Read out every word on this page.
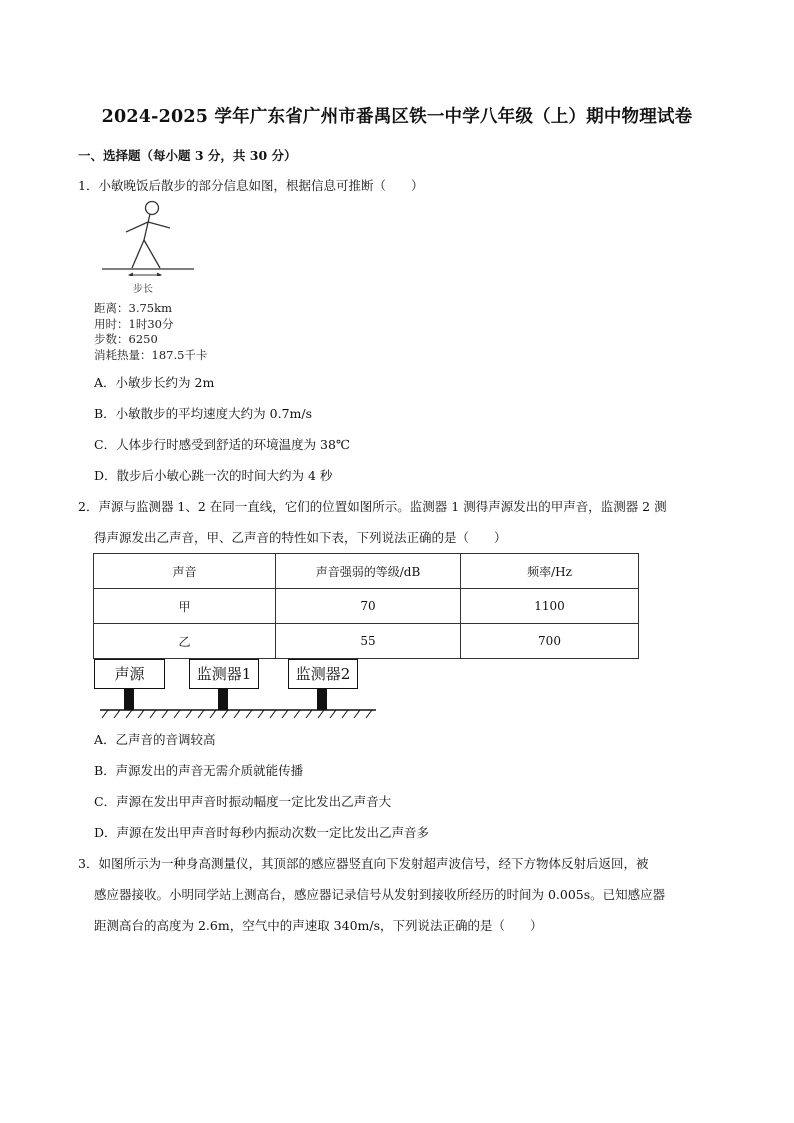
2024-2025 学年广东省广州市番禺区铁一中学八年级（上）期中物理试卷
一、选择题（每小题 3 分，共 30 分）
1．小敏晚饭后散步的部分信息如图，根据信息可推断（　　）
步长
距离：3.75km
用时：1时30分
步数：6250
消耗热量：187.5千卡
A．小敏步长约为 2m
B．小敏散步的平均速度大约为 0.7m/s
C．人体步行时感受到舒适的环境温度为 38℃
D．散步后小敏心跳一次的时间大约为 4 秒
2．声源与监测器 1、2 在同一直线，它们的位置如图所示。监测器 1 测得声源发出的甲声音，监测器 2 测
得声源发出乙声音，甲、乙声音的特性如下表，下列说法正确的是（　　）
声音	声音强弱的等级/dB	频率/Hz
甲	70	1100
乙	55	700
声源	监测器1	监测器2
A．乙声音的音调较高
B．声源发出的声音无需介质就能传播
C．声源在发出甲声音时振动幅度一定比发出乙声音大
D．声源在发出甲声音时每秒内振动次数一定比发出乙声音多
3．如图所示为一种身高测量仪，其顶部的感应器竖直向下发射超声波信号，经下方物体反射后返回，被
感应器接收。小明同学站上测高台，感应器记录信号从发射到接收所经历的时间为 0.005s。已知感应器
距测高台的高度为 2.6m，空气中的声速取 340m/s，下列说法正确的是（　　）
